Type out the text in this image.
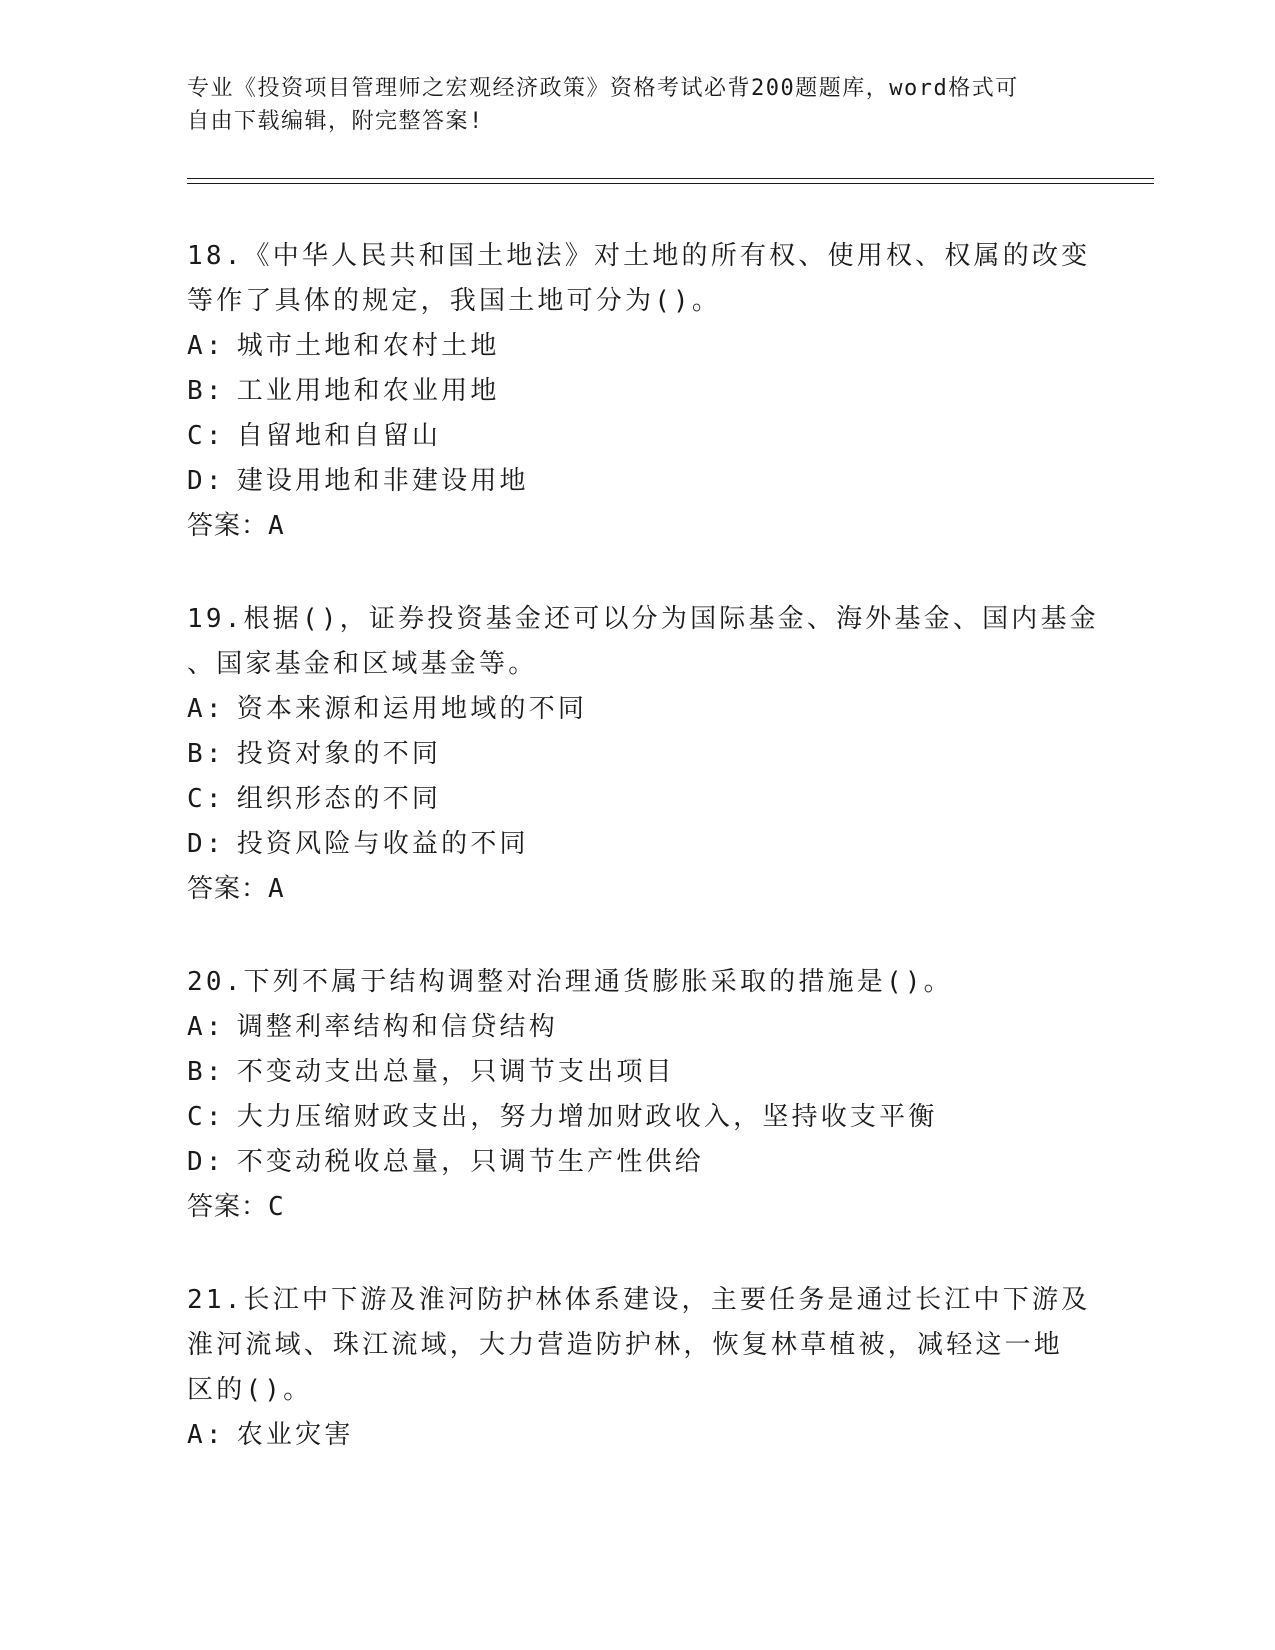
专业《投资项目管理师之宏观经济政策》资格考试必背200题题库，word格式可
自由下载编辑，附完整答案!
18.《中华人民共和国土地法》对土地的所有权、使用权、权属的改变
等作了具体的规定，我国土地可分为()。
A: 城市土地和农村土地
B: 工业用地和农业用地
C: 自留地和自留山
D: 建设用地和非建设用地
答案：A
19.根据()，证券投资基金还可以分为国际基金、海外基金、国内基金
、国家基金和区域基金等。
A: 资本来源和运用地域的不同
B: 投资对象的不同
C: 组织形态的不同
D: 投资风险与收益的不同
答案：A
20.下列不属于结构调整对治理通货膨胀采取的措施是()。
A: 调整利率结构和信贷结构
B: 不变动支出总量，只调节支出项目
C: 大力压缩财政支出，努力增加财政收入，坚持收支平衡
D: 不变动税收总量，只调节生产性供给
答案：C
21.长江中下游及淮河防护林体系建设，主要任务是通过长江中下游及
淮河流域、珠江流域，大力营造防护林，恢复林草植被，减轻这一地
区的()。
A: 农业灾害
